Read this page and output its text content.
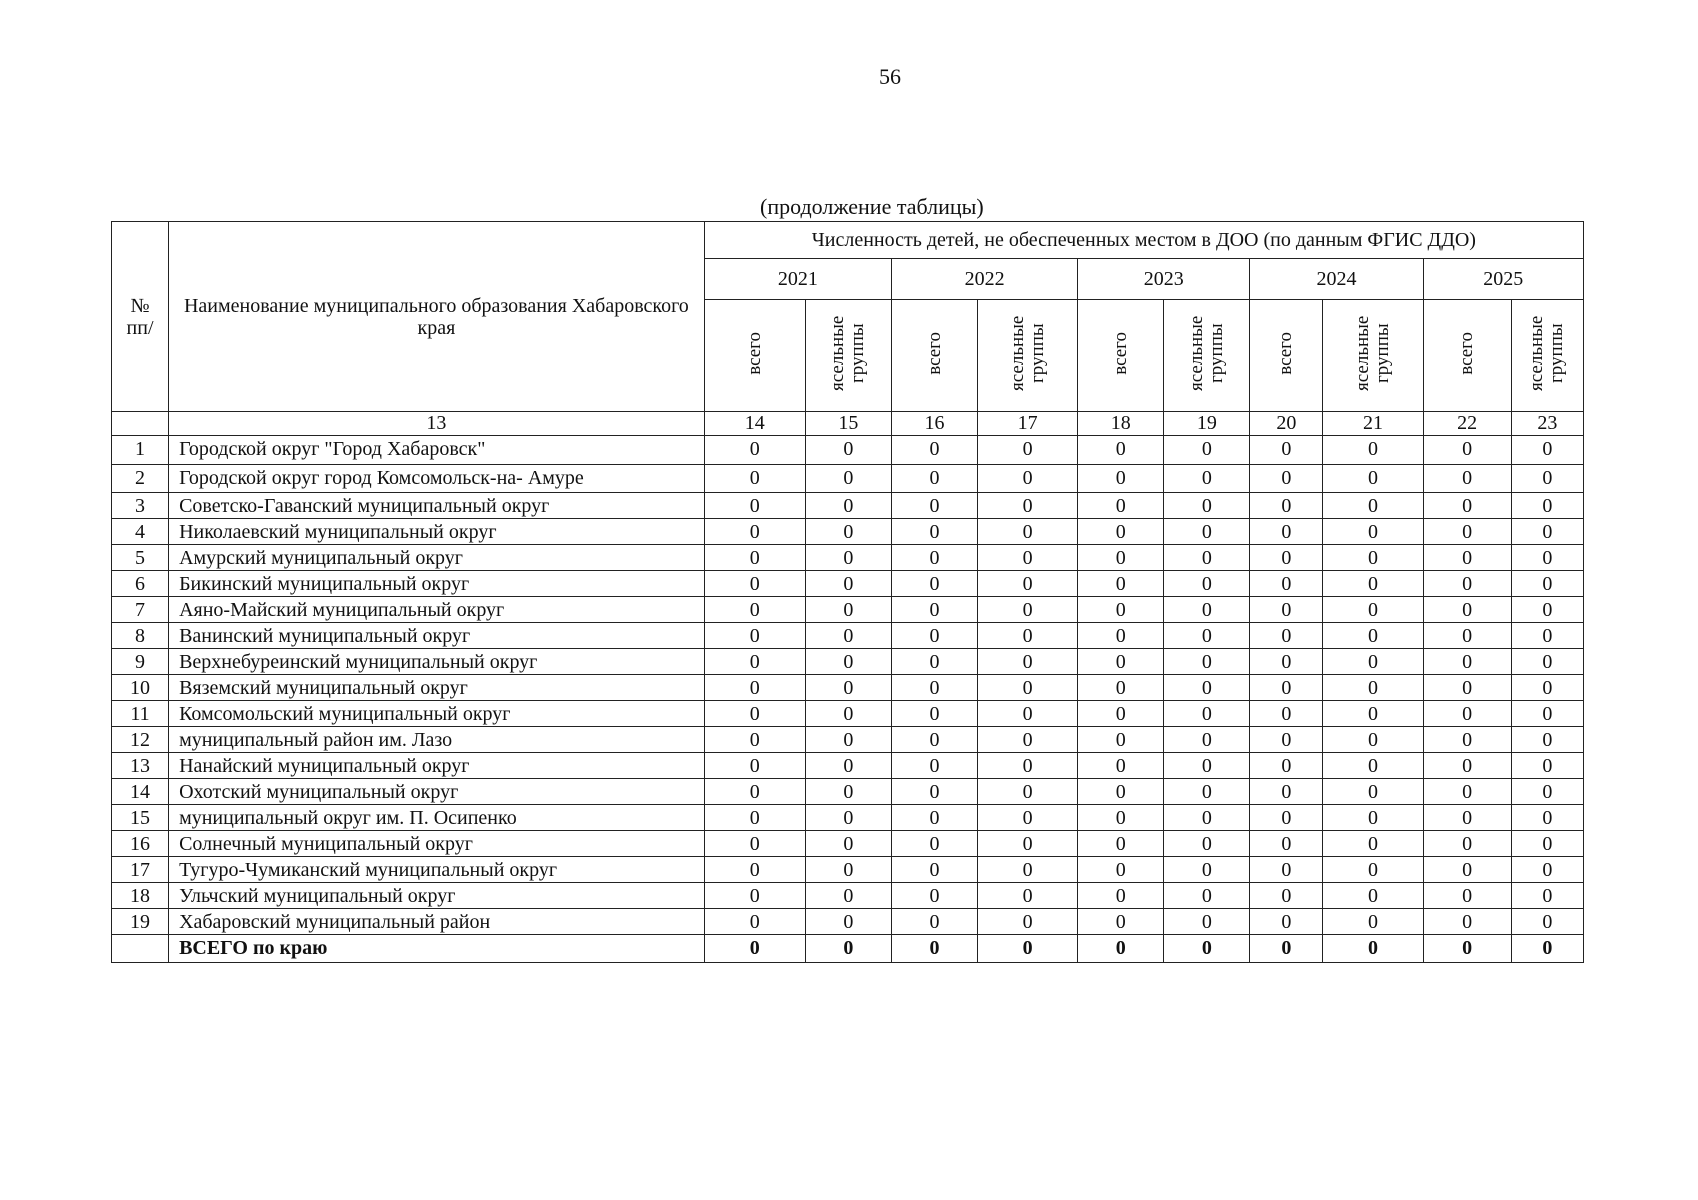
56
(продолжение таблицы)
№
пп/	Наименование муниципального образования Хабаровского края	Численность детей, не обеспеченных местом в ДОО (по данным ФГИС ДДО)									
		2021		2022		2023		2024		2025	
		всего	ясельные группы	всего	ясельные группы	всего	ясельные группы	всего	ясельные группы	всего	ясельные группы
	13	14	15	16	17	18	19	20	21	22	23
1	Городской округ "Город Хабаровск"	0	0	0	0	0	0	0	0	0	0
2	Городской округ город Комсомольск-на- Амуре	0	0	0	0	0	0	0	0	0	0
3	Советско-Гаванский муниципальный округ	0	0	0	0	0	0	0	0	0	0
4	Николаевский муниципальный округ	0	0	0	0	0	0	0	0	0	0
5	Амурский муниципальный округ	0	0	0	0	0	0	0	0	0	0
6	Бикинский муниципальный округ	0	0	0	0	0	0	0	0	0	0
7	Аяно-Майский муниципальный округ	0	0	0	0	0	0	0	0	0	0
8	Ванинский муниципальный округ	0	0	0	0	0	0	0	0	0	0
9	Верхнебуреинский муниципальный округ	0	0	0	0	0	0	0	0	0	0
10	Вяземский муниципальный округ	0	0	0	0	0	0	0	0	0	0
11	Комсомольский муниципальный округ	0	0	0	0	0	0	0	0	0	0
12	муниципальный район им. Лазо	0	0	0	0	0	0	0	0	0	0
13	Нанайский муниципальный округ	0	0	0	0	0	0	0	0	0	0
14	Охотский муниципальный округ	0	0	0	0	0	0	0	0	0	0
15	муниципальный округ им. П. Осипенко	0	0	0	0	0	0	0	0	0	0
16	Солнечный муниципальный округ	0	0	0	0	0	0	0	0	0	0
17	Тугуро-Чумиканский муниципальный округ	0	0	0	0	0	0	0	0	0	0
18	Ульчский муниципальный округ	0	0	0	0	0	0	0	0	0	0
19	Хабаровский муниципальный район	0	0	0	0	0	0	0	0	0	0
	ВСЕГО по краю	0	0	0	0	0	0	0	0	0	0
